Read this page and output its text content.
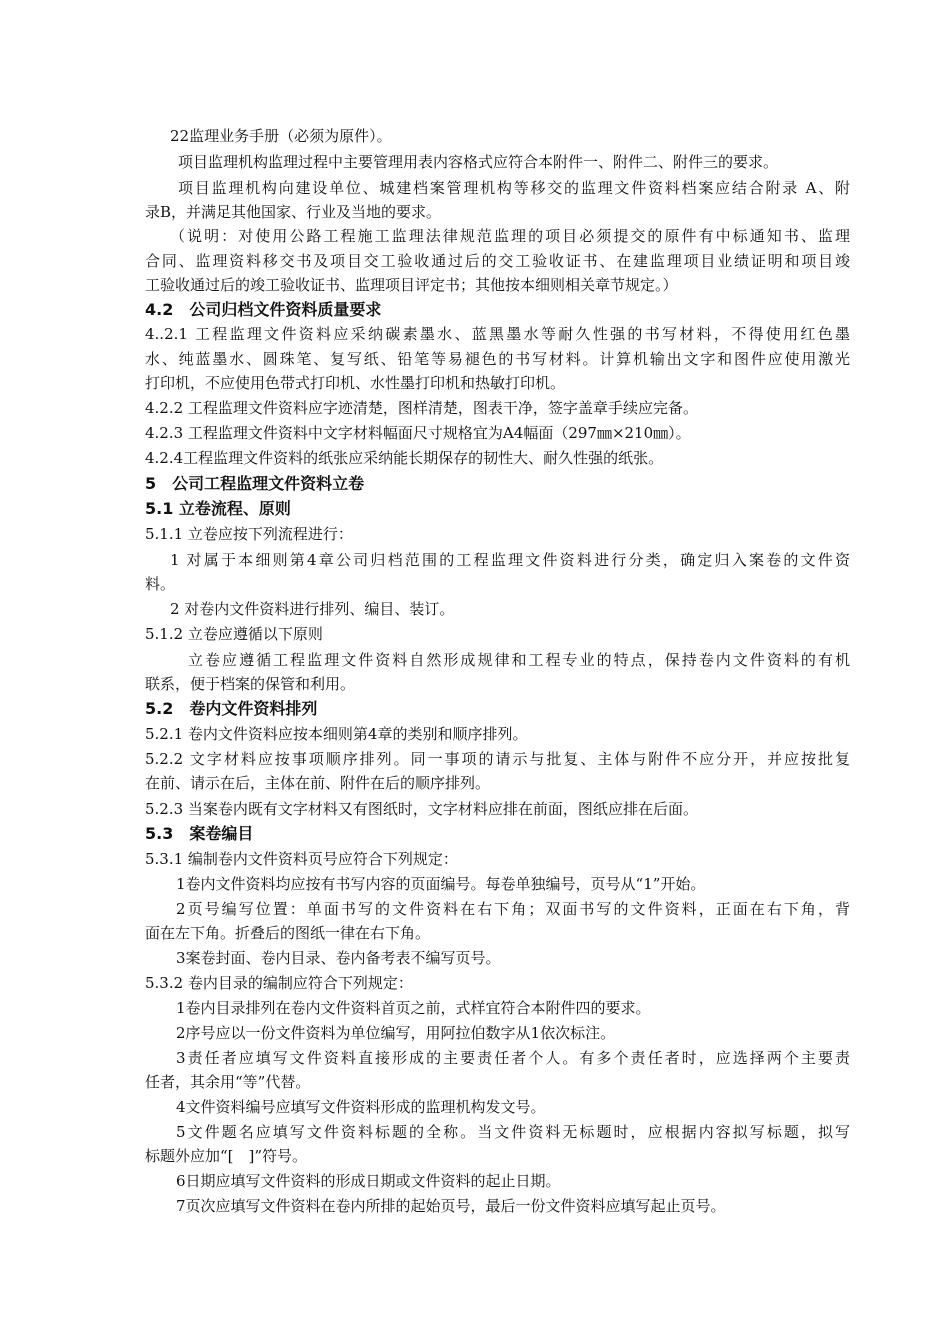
22监理业务手册（必须为原件）。
项目监理机构监理过程中主要管理用表内容格式应符合本附件一、附件二、附件三的要求。
项目监理机构向建设单位、城建档案管理机构等移交的监理文件资料档案应结合附录 A、附
录B，并满足其他国家、行业及当地的要求。
（说明：对使用公路工程施工监理法律规范监理的项目必须提交的原件有中标通知书、监理
合同、监理资料移交书及项目交工验收通过后的交工验收证书、在建监理项目业绩证明和项目竣
工验收通过后的竣工验收证书、监理项目评定书；其他按本细则相关章节规定。）
4.2　公司归档文件资料质量要求
4..2.1 工程监理文件资料应采纳碳素墨水、蓝黑墨水等耐久性强的书写材料，不得使用红色墨
水、纯蓝墨水、圆珠笔、复写纸、铅笔等易褪色的书写材料。计算机输出文字和图件应使用激光
打印机，不应使用色带式打印机、水性墨打印机和热敏打印机。
4.2.2 工程监理文件资料应字迹清楚，图样清楚，图表干净，签字盖章手续应完备。
4.2.3 工程监理文件资料中文字材料幅面尺寸规格宜为A4幅面（297㎜×210㎜）。
4.2.4工程监理文件资料的纸张应采纳能长期保存的韧性大、耐久性强的纸张。
5　公司工程监理文件资料立卷
5.1 立卷流程、原则
5.1.1 立卷应按下列流程进行：
1 对属于本细则第4章公司归档范围的工程监理文件资料进行分类，确定归入案卷的文件资
料。
2 对卷内文件资料进行排列、编目、装订。
5.1.2 立卷应遵循以下原则
立卷应遵循工程监理文件资料自然形成规律和工程专业的特点，保持卷内文件资料的有机
联系，便于档案的保管和利用。
5.2　卷内文件资料排列
5.2.1 卷内文件资料应按本细则第4章的类别和顺序排列。
5.2.2 文字材料应按事项顺序排列。同一事项的请示与批复、主体与附件不应分开，并应按批复
在前、请示在后，主体在前、附件在后的顺序排列。
5.2.3 当案卷内既有文字材料又有图纸时，文字材料应排在前面，图纸应排在后面。
5.3　案卷编目
5.3.1 编制卷内文件资料页号应符合下列规定：
1卷内文件资料均应按有书写内容的页面编号。每卷单独编号，页号从“1”开始。
2页号编写位置：单面书写的文件资料在右下角；双面书写的文件资料，正面在右下角，背
面在左下角。折叠后的图纸一律在右下角。
3案卷封面、卷内目录、卷内备考表不编写页号。
5.3.2 卷内目录的编制应符合下列规定：
1卷内目录排列在卷内文件资料首页之前，式样宜符合本附件四的要求。
2序号应以一份文件资料为单位编写，用阿拉伯数字从1依次标注。
3责任者应填写文件资料直接形成的主要责任者个人。有多个责任者时，应选择两个主要责
任者，其余用“等”代替。
4文件资料编号应填写文件资料形成的监理机构发文号。
5文件题名应填写文件资料标题的全称。当文件资料无标题时，应根据内容拟写标题，拟写
标题外应加“[　]”符号。
6日期应填写文件资料的形成日期或文件资料的起止日期。
7页次应填写文件资料在卷内所排的起始页号，最后一份文件资料应填写起止页号。
